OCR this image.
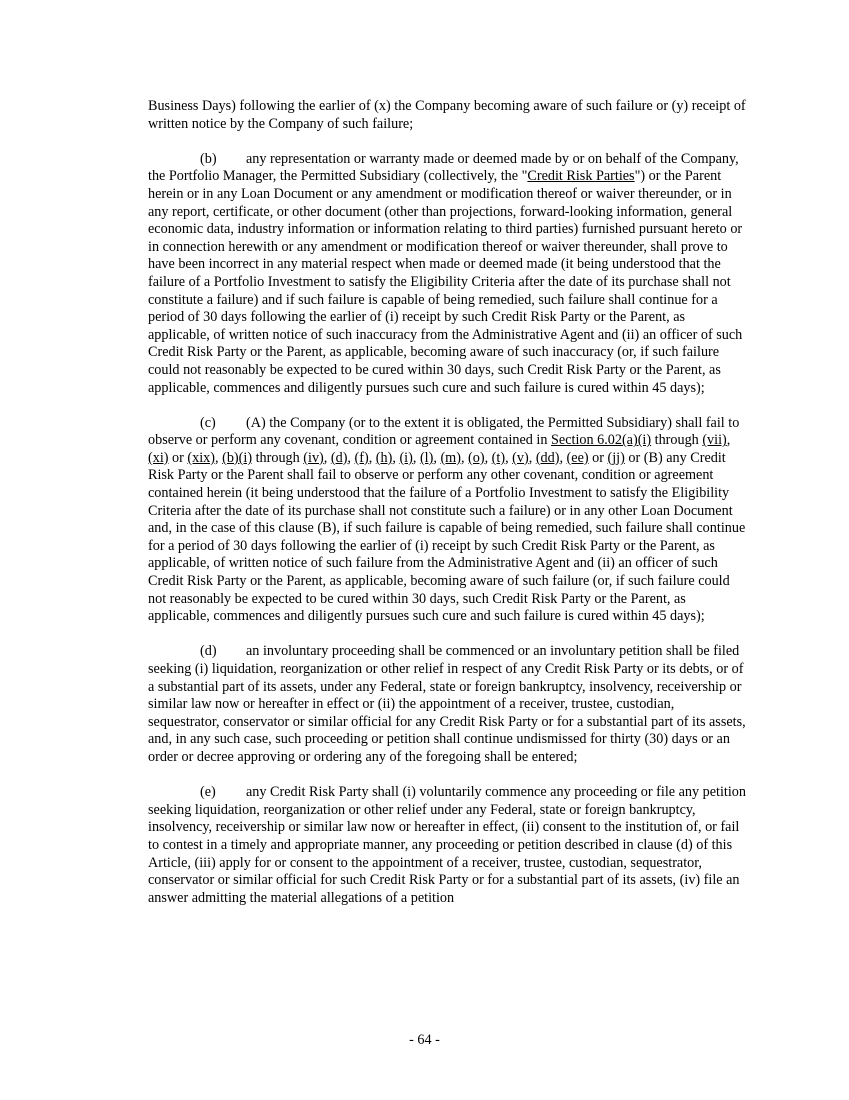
Business Days) following the earlier of (x) the Company becoming aware of such failure or (y) receipt of written notice by the Company of such failure;

(b) any representation or warranty made or deemed made by or on behalf of the Company, the Portfolio Manager, the Permitted Subsidiary (collectively, the "Credit Risk Parties") or the Parent herein or in any Loan Document or any amendment or modification thereof or waiver thereunder, or in any report, certificate, or other document (other than projections, forward-looking information, general economic data, industry information or information relating to third parties) furnished pursuant hereto or in connection herewith or any amendment or modification thereof or waiver thereunder, shall prove to have been incorrect in any material respect when made or deemed made (it being understood that the failure of a Portfolio Investment to satisfy the Eligibility Criteria after the date of its purchase shall not constitute a failure) and if such failure is capable of being remedied, such failure shall continue for a period of 30 days following the earlier of (i) receipt by such Credit Risk Party or the Parent, as applicable, of written notice of such inaccuracy from the Administrative Agent and (ii) an officer of such Credit Risk Party or the Parent, as applicable, becoming aware of such inaccuracy (or, if such failure could not reasonably be expected to be cured within 30 days, such Credit Risk Party or the Parent, as applicable, commences and diligently pursues such cure and such failure is cured within 45 days);

(c) (A) the Company (or to the extent it is obligated, the Permitted Subsidiary) shall fail to observe or perform any covenant, condition or agreement contained in Section 6.02(a)(i) through (vii), (xi) or (xix), (b)(i) through (iv), (d), (f), (h), (i), (l), (m), (o), (t), (v), (dd), (ee) or (jj) or (B) any Credit Risk Party or the Parent shall fail to observe or perform any other covenant, condition or agreement contained herein (it being understood that the failure of a Portfolio Investment to satisfy the Eligibility Criteria after the date of its purchase shall not constitute such a failure) or in any other Loan Document and, in the case of this clause (B), if such failure is capable of being remedied, such failure shall continue for a period of 30 days following the earlier of (i) receipt by such Credit Risk Party or the Parent, as applicable, of written notice of such failure from the Administrative Agent and (ii) an officer of such Credit Risk Party or the Parent, as applicable, becoming aware of such failure (or, if such failure could not reasonably be expected to be cured within 30 days, such Credit Risk Party or the Parent, as applicable, commences and diligently pursues such cure and such failure is cured within 45 days);

(d) an involuntary proceeding shall be commenced or an involuntary petition shall be filed seeking (i) liquidation, reorganization or other relief in respect of any Credit Risk Party or its debts, or of a substantial part of its assets, under any Federal, state or foreign bankruptcy, insolvency, receivership or similar law now or hereafter in effect or (ii) the appointment of a receiver, trustee, custodian, sequestrator, conservator or similar official for any Credit Risk Party or for a substantial part of its assets, and, in any such case, such proceeding or petition shall continue undismissed for thirty (30) days or an order or decree approving or ordering any of the foregoing shall be entered;

(e) any Credit Risk Party shall (i) voluntarily commence any proceeding or file any petition seeking liquidation, reorganization or other relief under any Federal, state or foreign bankruptcy, insolvency, receivership or similar law now or hereafter in effect, (ii) consent to the institution of, or fail to contest in a timely and appropriate manner, any proceeding or petition described in clause (d) of this Article, (iii) apply for or consent to the appointment of a receiver, trustee, custodian, sequestrator, conservator or similar official for such Credit Risk Party or for a substantial part of its assets, (iv) file an answer admitting the material allegations of a petition

- 64 -
